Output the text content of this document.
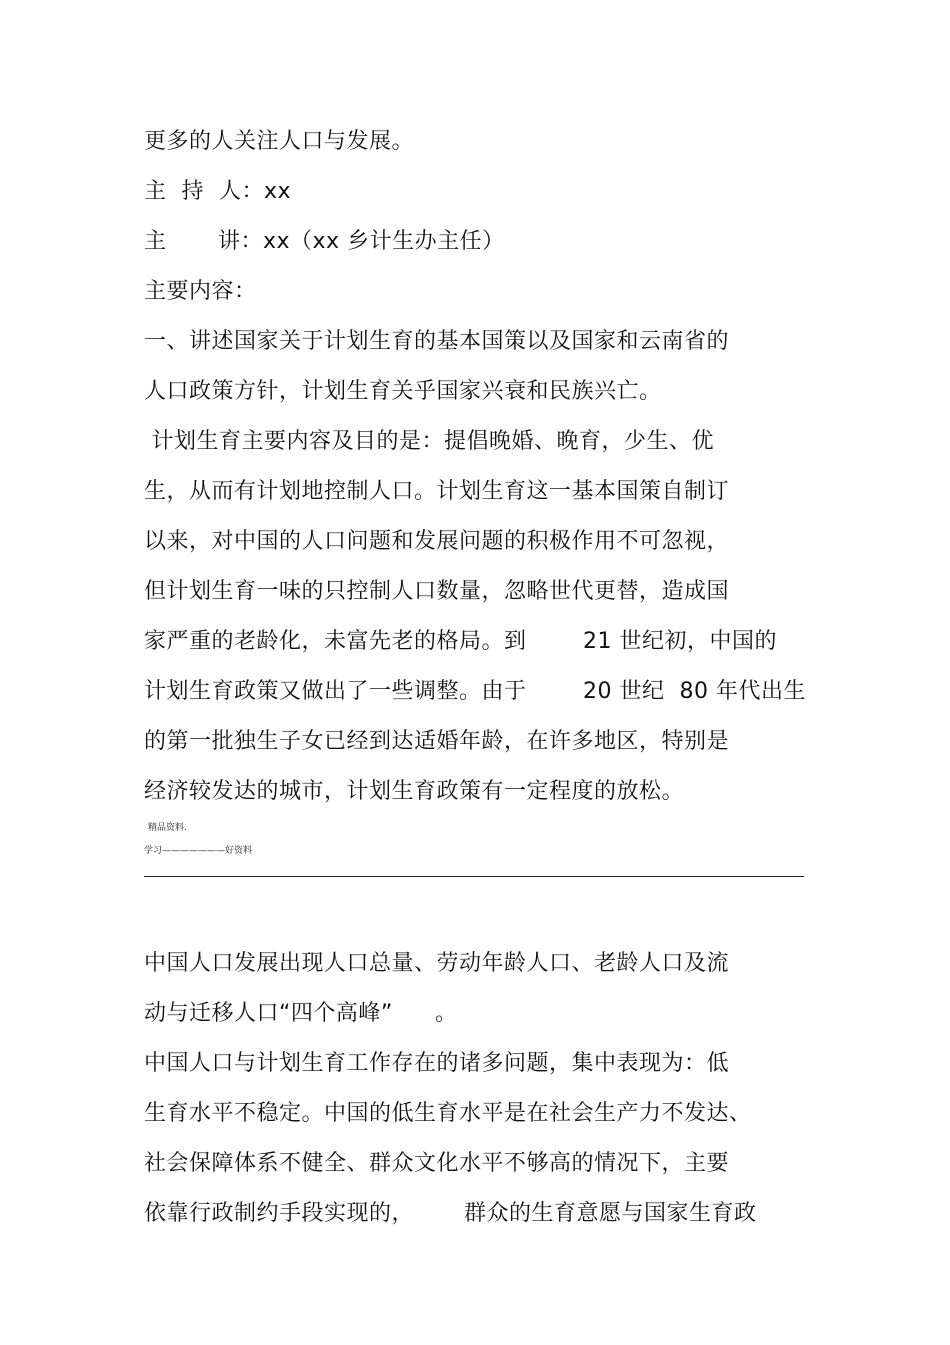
更多的人关注人口与发展。
主  持  人：xx
主 讲：xx（xx 乡计生办主任）
主要内容：
一、讲述国家关于计划生育的基本国策以及国家和云南省的
人口政策方针，计划生育关乎国家兴衰和民族兴亡。
计划生育主要内容及目的是：提倡晚婚、晚育，少生、优
生，从而有计划地控制人口。计划生育这一基本国策自制订
以来，对中国的人口问题和发展问题的积极作用不可忽视，
但计划生育一味的只控制人口数量，忽略世代更替，造成国
家严重的老龄化，未富先老的格局。到	21 世纪初，中国的
计划生育政策又做出了一些调整。由于	20 世纪  80 年代出生
的第一批独生子女已经到达适婚年龄，在许多地区，特别是
经济较发达的城市，计划生育政策有一定程度的放松。
精品资料.
学习———————好资料
中国人口发展出现人口总量、劳动年龄人口、老龄人口及流
动与迁移人口“四个高峰” 。
中国人口与计划生育工作存在的诸多问题，集中表现为：低
生育水平不稳定。中国的低生育水平是在社会生产力不发达、
社会保障体系不健全、群众文化水平不够高的情况下，主要
依靠行政制约手段实现的， 群众的生育意愿与国家生育政
